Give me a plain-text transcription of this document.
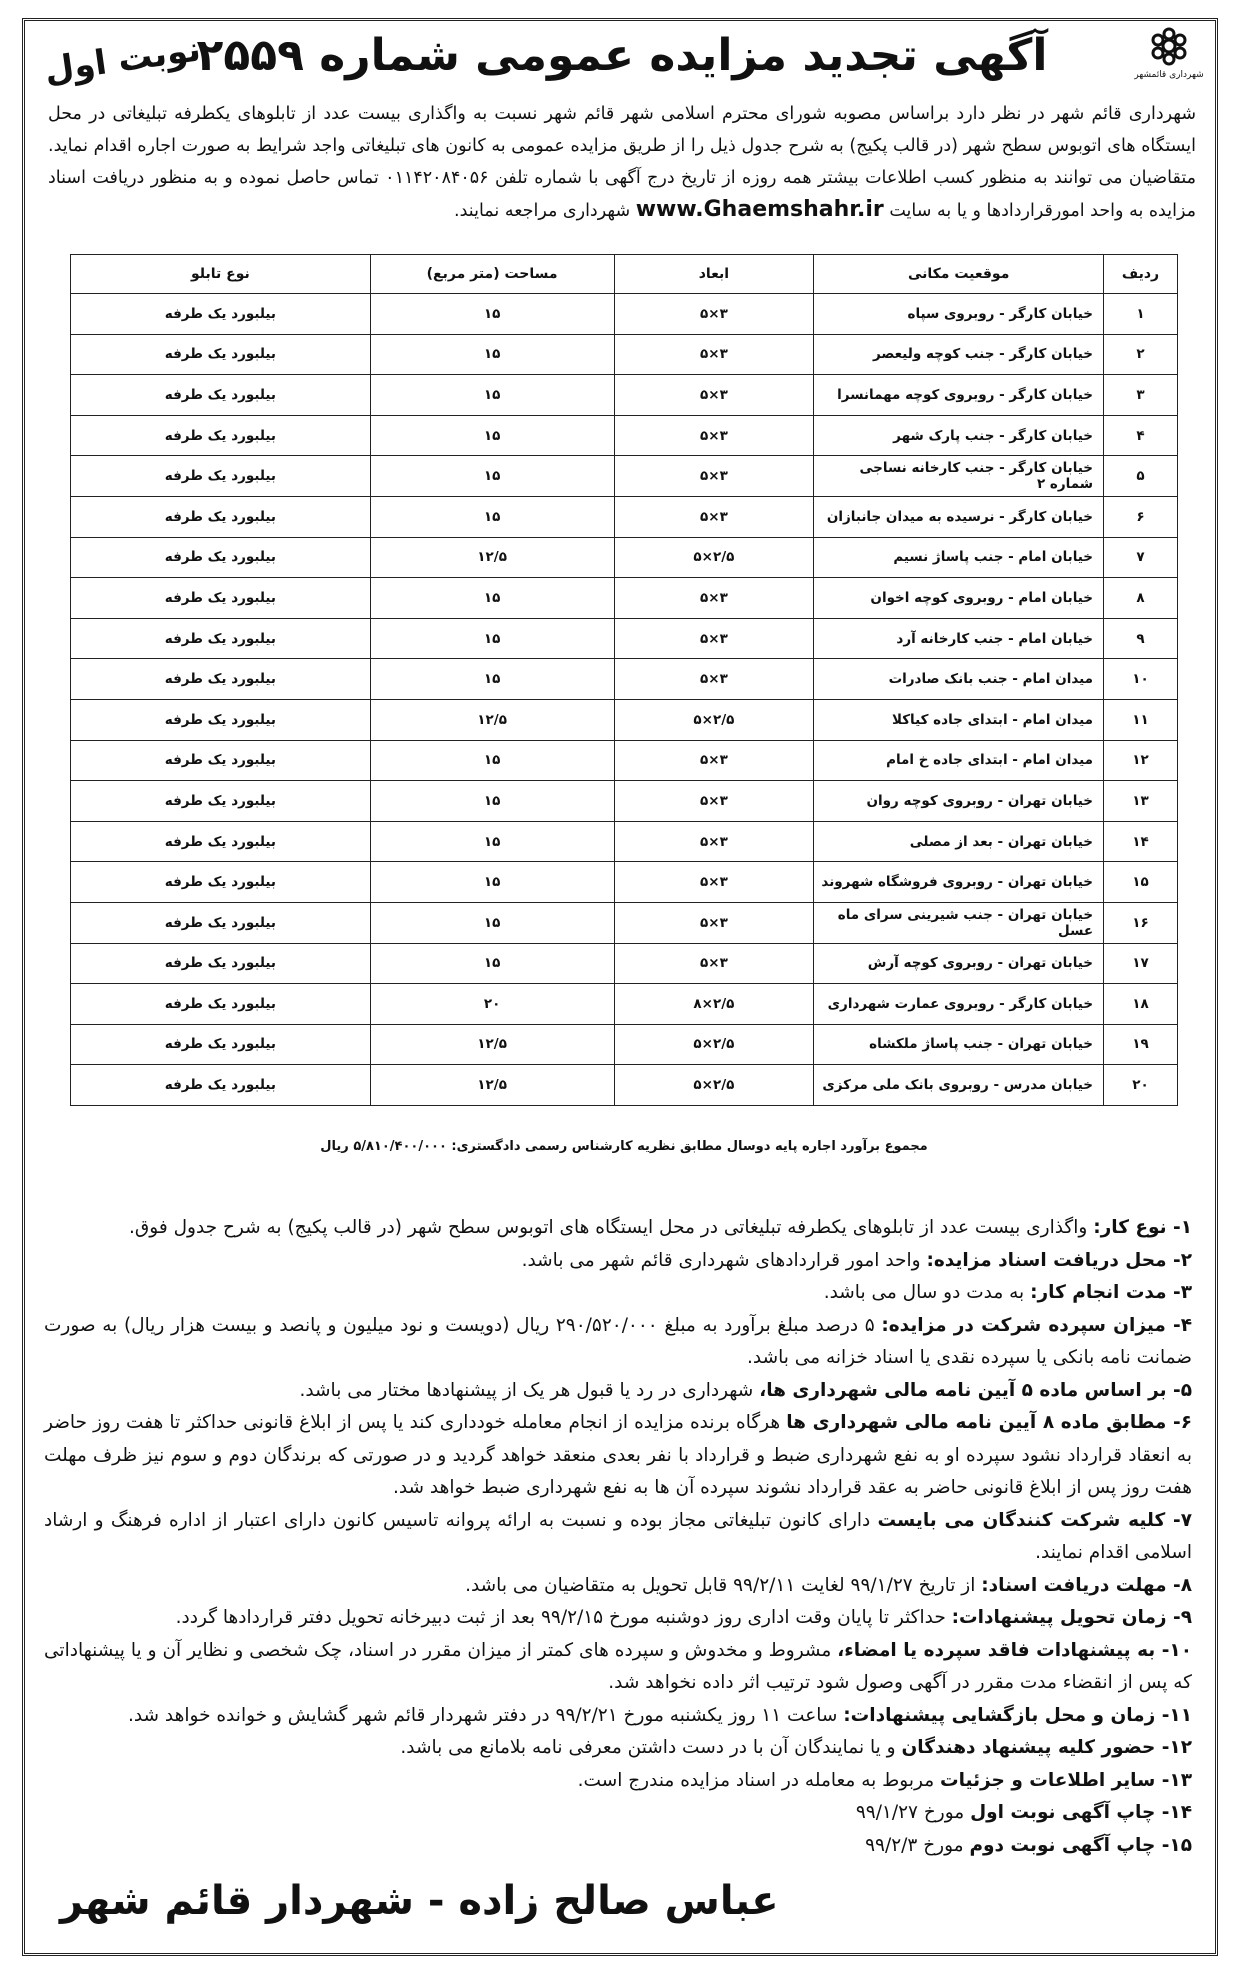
شهرداری قائمشهر
آگهی تجدید مزایده عمومی شماره ۲۵۵۹
نوبت اول
شهرداری قائم شهر در نظر دارد براساس مصوبه شورای محترم اسلامی شهر قائم شهر نسبت به واگذاری بیست عدد از تابلوهای یکطرفه تبلیغاتی در محل ایستگاه های اتوبوس سطح شهر (در قالب پکیج) به شرح جدول ذیل را از طریق مزایده عمومی به کانون های تبلیغاتی واجد شرایط به صورت اجاره اقدام نماید. متقاضیان می توانند به منظور کسب اطلاعات بیشتر همه روزه از تاریخ درج آگهی با شماره تلفن ۰۱۱۴۲۰۸۴۰۵۶ تماس حاصل نموده و به منظور دریافت اسناد مزایده به واحد امورقراردادها و یا به سایت www.Ghaemshahr.ir شهرداری مراجعه نمایند.
ردیف	موقعیت مکانی	ابعاد	مساحت (متر مربع)	نوع تابلو
۱	خیابان کارگر - روبروی سپاه	۳×۵	۱۵	بیلبورد یک طرفه
۲	خیابان کارگر - جنب کوچه ولیعصر	۳×۵	۱۵	بیلبورد یک طرفه
۳	خیابان کارگر - روبروی کوچه مهمانسرا	۳×۵	۱۵	بیلبورد یک طرفه
۴	خیابان کارگر - جنب پارک شهر	۳×۵	۱۵	بیلبورد یک طرفه
۵	خیابان کارگر - جنب کارخانه نساجی شماره ۲	۳×۵	۱۵	بیلبورد یک طرفه
۶	خیابان کارگر - نرسیده به میدان جانبازان	۳×۵	۱۵	بیلبورد یک طرفه
۷	خیابان امام - جنب پاساژ نسیم	۲/۵×۵	۱۲/۵	بیلبورد یک طرفه
۸	خیابان امام - روبروی کوچه اخوان	۳×۵	۱۵	بیلبورد یک طرفه
۹	خیابان امام - جنب کارخانه آرد	۳×۵	۱۵	بیلبورد یک طرفه
۱۰	میدان امام - جنب بانک صادرات	۳×۵	۱۵	بیلبورد یک طرفه
۱۱	میدان امام - ابتدای جاده کیاکلا	۲/۵×۵	۱۲/۵	بیلبورد یک طرفه
۱۲	میدان امام - ابتدای جاده خ امام	۳×۵	۱۵	بیلبورد یک طرفه
۱۳	خیابان تهران - روبروی کوچه روان	۳×۵	۱۵	بیلبورد یک طرفه
۱۴	خیابان تهران - بعد از مصلی	۳×۵	۱۵	بیلبورد یک طرفه
۱۵	خیابان تهران - روبروی فروشگاه شهروند	۳×۵	۱۵	بیلبورد یک طرفه
۱۶	خیابان تهران - جنب شیرینی سرای ماه عسل	۳×۵	۱۵	بیلبورد یک طرفه
۱۷	خیابان تهران - روبروی کوچه آرش	۳×۵	۱۵	بیلبورد یک طرفه
۱۸	خیابان کارگر - روبروی عمارت شهرداری	۲/۵×۸	۲۰	بیلبورد یک طرفه
۱۹	خیابان تهران - جنب پاساژ ملکشاه	۲/۵×۵	۱۲/۵	بیلبورد یک طرفه
۲۰	خیابان مدرس - روبروی بانک ملی مرکزی	۲/۵×۵	۱۲/۵	بیلبورد یک طرفه
مجموع برآورد اجاره پایه دوسال مطابق نظریه کارشناس رسمی دادگستری: ۵/۸۱۰/۴۰۰/۰۰۰ ریال

۱- نوع کار: واگذاری بیست عدد از تابلوهای یکطرفه تبلیغاتی در محل ایستگاه های اتوبوس سطح شهر (در قالب پکیج) به شرح جدول فوق.

۲- محل دریافت اسناد مزایده: واحد امور قراردادهای شهرداری قائم شهر می باشد.

۳- مدت انجام کار: به مدت دو سال می باشد.

۴- میزان سپرده شرکت در مزایده: ۵ درصد مبلغ برآورد به مبلغ ۲۹۰/۵۲۰/۰۰۰ ریال (دویست و نود میلیون و پانصد و بیست هزار ریال) به صورت ضمانت نامه بانکی یا سپرده نقدی یا اسناد خزانه می باشد.

۵- بر اساس ماده ۵ آیین نامه مالی شهرداری ها، شهرداری در رد یا قبول هر یک از پیشنهادها مختار می باشد.

۶- مطابق ماده ۸ آیین نامه مالی شهرداری ها هرگاه برنده مزایده از انجام معامله خودداری کند یا پس از ابلاغ قانونی حداکثر تا هفت روز حاضر به انعقاد قرارداد نشود سپرده او به نفع شهرداری ضبط و قرارداد با نفر بعدی منعقد خواهد گردید و در صورتی که برندگان دوم و سوم نیز ظرف مهلت هفت روز پس از ابلاغ قانونی حاضر به عقد قرارداد نشوند سپرده آن ها به نفع شهرداری ضبط خواهد شد.

۷- کلیه شرکت کنندگان می بایست دارای کانون تبلیغاتی مجاز بوده و نسبت به ارائه پروانه تاسیس کانون دارای اعتبار از اداره فرهنگ و ارشاد اسلامی اقدام نمایند.

۸- مهلت دریافت اسناد: از تاریخ ۹۹/۱/۲۷ لغایت ۹۹/۲/۱۱ قابل تحویل به متقاضیان می باشد.

۹- زمان تحویل پیشنهادات: حداکثر تا پایان وقت اداری روز دوشنبه مورخ ۹۹/۲/۱۵ بعد از ثبت دبیرخانه تحویل دفتر قراردادها گردد.

۱۰- به پیشنهادات فاقد سپرده یا امضاء، مشروط و مخدوش و سپرده های کمتر از میزان مقرر در اسناد، چک شخصی و نظایر آن و یا پیشنهاداتی که پس از انقضاء مدت مقرر در آگهی وصول شود ترتیب اثر داده نخواهد شد.

۱۱- زمان و محل بازگشایی پیشنهادات: ساعت ۱۱ روز یکشنبه مورخ ۹۹/۲/۲۱ در دفتر شهردار قائم شهر گشایش و خوانده خواهد شد.

۱۲- حضور کلیه پیشنهاد دهندگان و یا نمایندگان آن با در دست داشتن معرفی نامه بلامانع می باشد.

۱۳- سایر اطلاعات و جزئیات مربوط به معامله در اسناد مزایده مندرج است.

۱۴- چاپ آگهی نوبت اول مورخ ۹۹/۱/۲۷

۱۵- چاپ آگهی نوبت دوم مورخ ۹۹/۲/۳

عباس صالح زاده - شهردار قائم شهر
